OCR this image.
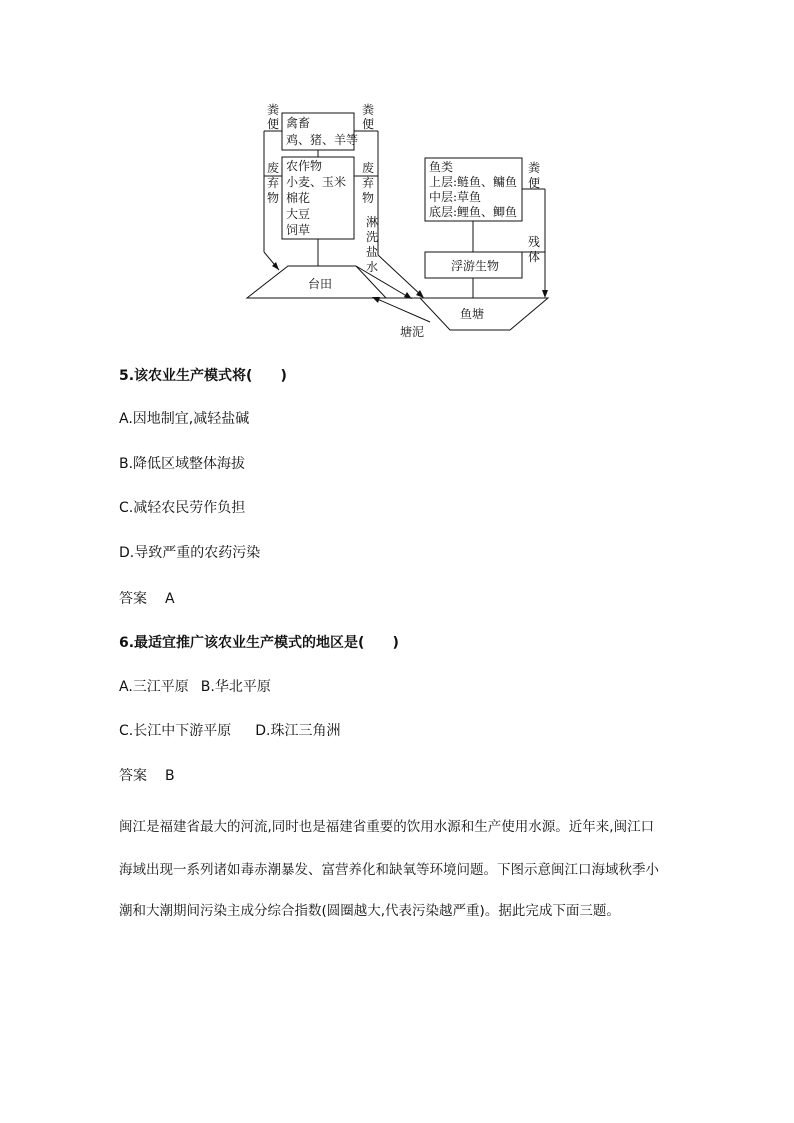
禽畜
鸡、猪、羊等
农作物
小麦、玉米
棉花
大豆
饲草
粪
便
废
弃
物
粪
便
废
弃
物
淋
洗
盐
水
鱼类
上层:鲢鱼、鳙鱼
中层:草鱼
底层:鲤鱼、鲫鱼
粪
便
残
体
浮游生物
台田
鱼塘
塘泥
5.该农业生产模式将(　　)
A.因地制宜,减轻盐碱
B.降低区域整体海拔
C.减轻农民劳作负担
D.导致严重的农药污染
答案 A
6.最适宜推广该农业生产模式的地区是(　　)
A.三江平原 B.华北平原
C.长江中下游平原 D.珠江三角洲
答案 B
闽江是福建省最大的河流,同时也是福建省重要的饮用水源和生产使用水源。近年来,闽江口
海域出现一系列诸如毒赤潮暴发、富营养化和缺氧等环境问题。下图示意闽江口海域秋季小
潮和大潮期间污染主成分综合指数(圆圈越大,代表污染越严重)。据此完成下面三题。
